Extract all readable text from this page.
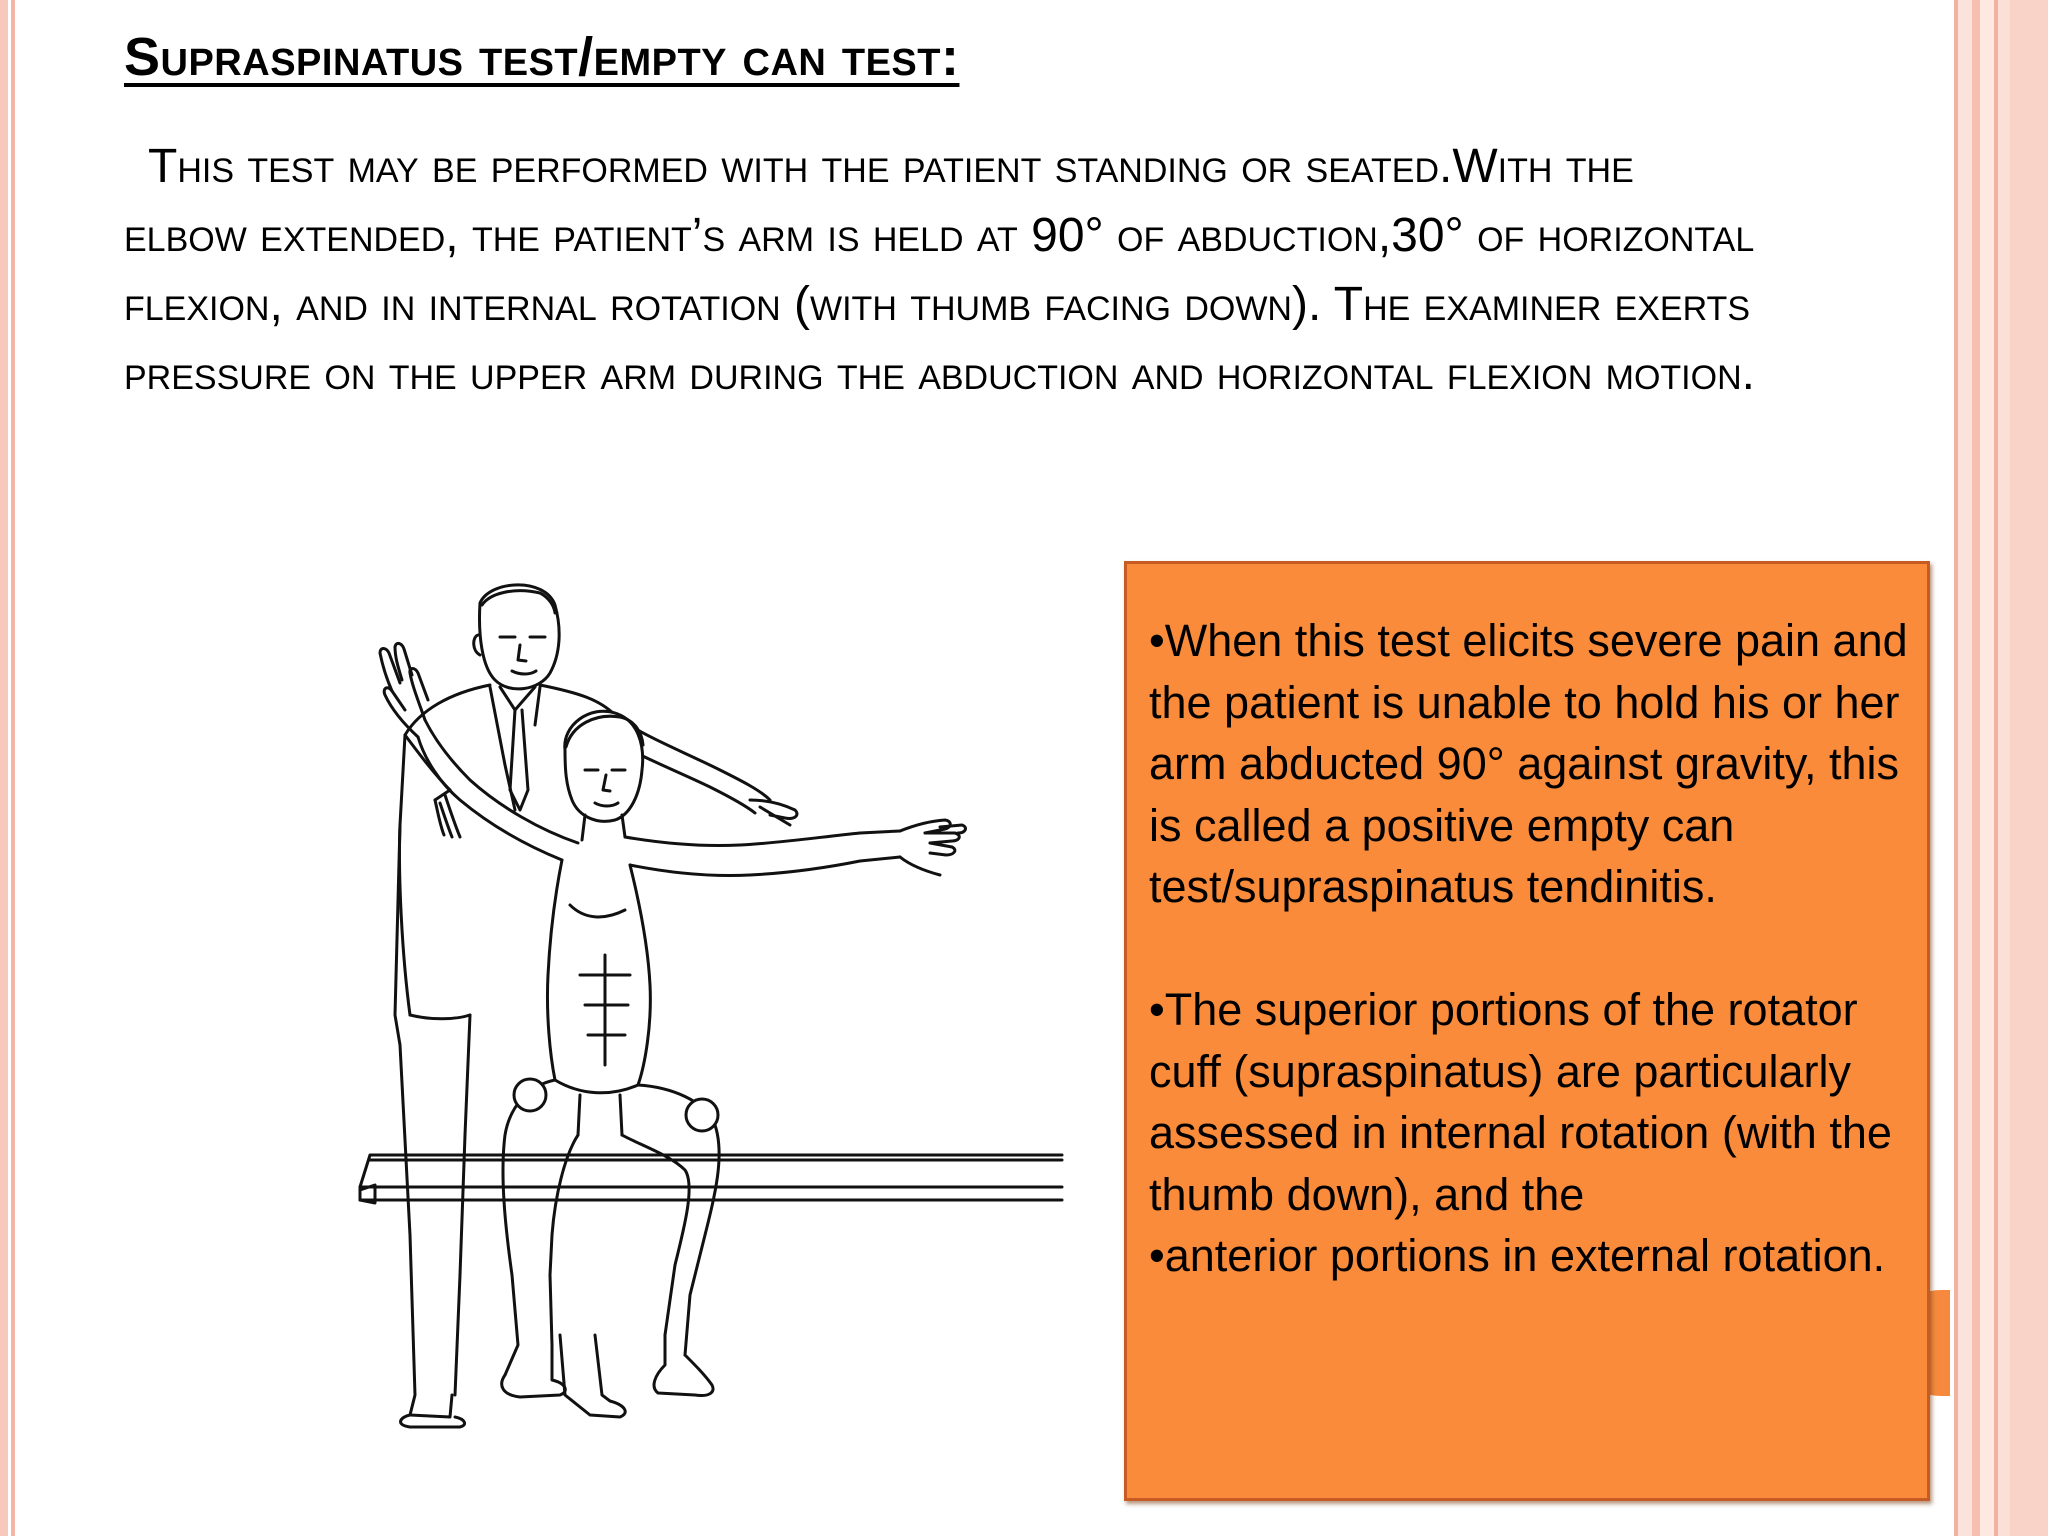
Supraspinatus test/empty can test:

This test may be performed with the patient standing or seated.With the elbow extended, the patient’s arm is held at 90° of abduction,30° of horizontal flexion, and in internal rotation (with thumb facing down). The examiner exerts pressure on the upper arm during the abduction and horizontal flexion motion.

•When this test elicits severe pain and the patient is unable to hold his or her arm abducted 90° against gravity, this is called a positive empty can test/supraspinatus tendinitis.

•The superior portions of the rotator cuff (supraspinatus) are particularly assessed in internal rotation (with the thumb down), and the

•anterior portions in external rotation.
